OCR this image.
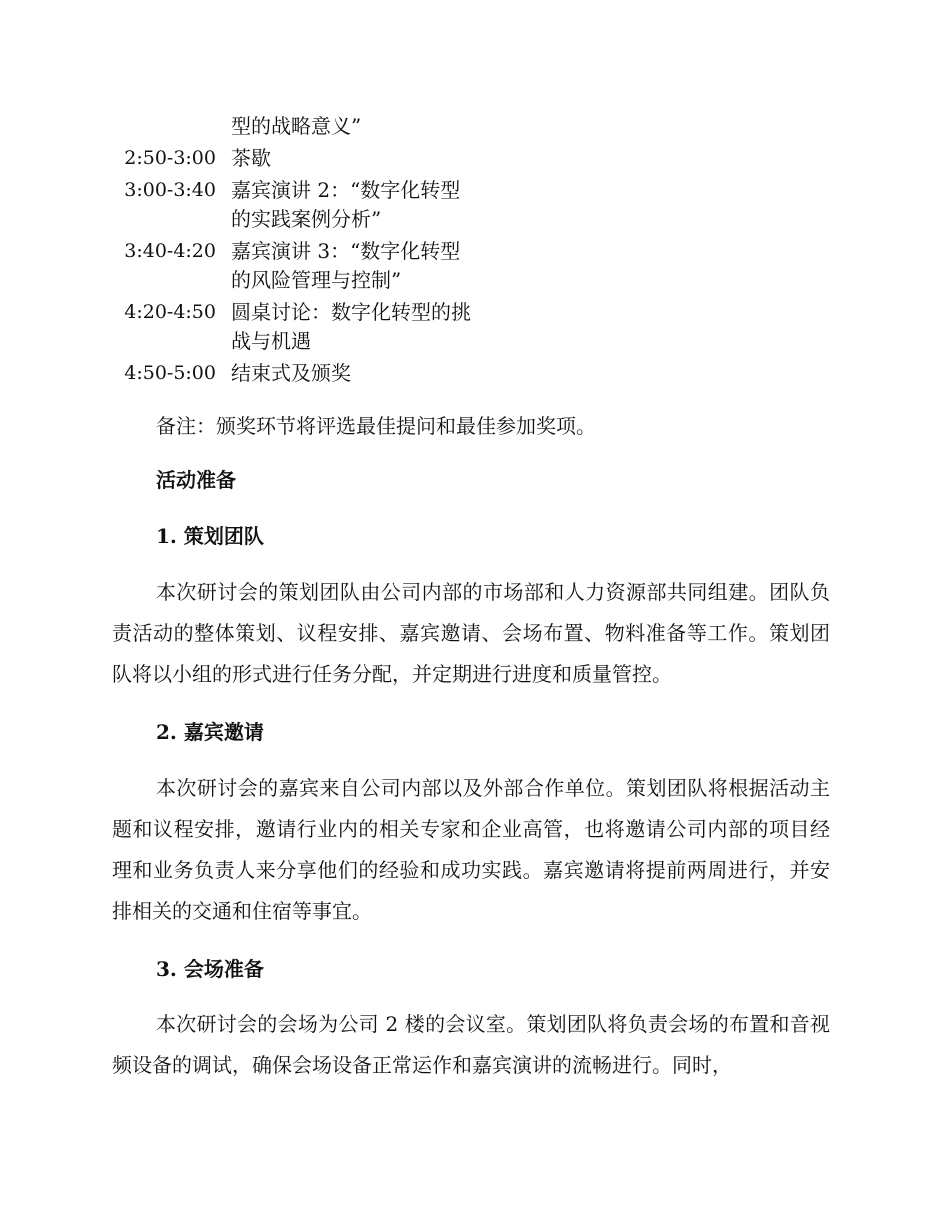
型的战略意义”
2:50-3:00 茶歇
3:00-3:40 嘉宾演讲 2：“数字化转型的实践案例分析”
3:40-4:20 嘉宾演讲 3：“数字化转型的风险管理与控制”
4:20-4:50 圆桌讨论：数字化转型的挑战与机遇
4:50-5:00 结束式及颁奖
备注：颁奖环节将评选最佳提问和最佳参加奖项。
活动准备
1. 策划团队
本次研讨会的策划团队由公司内部的市场部和人力资源部共同组建。团队负责活动的整体策划、议程安排、嘉宾邀请、会场布置、物料准备等工作。策划团队将以小组的形式进行任务分配，并定期进行进度和质量管控。
2. 嘉宾邀请
本次研讨会的嘉宾来自公司内部以及外部合作单位。策划团队将根据活动主题和议程安排，邀请行业内的相关专家和企业高管，也将邀请公司内部的项目经理和业务负责人来分享他们的经验和成功实践。嘉宾邀请将提前两周进行，并安排相关的交通和住宿等事宜。
3. 会场准备
本次研讨会的会场为公司 2 楼的会议室。策划团队将负责会场的布置和音视频设备的调试，确保会场设备正常运作和嘉宾演讲的流畅进行。同时，
